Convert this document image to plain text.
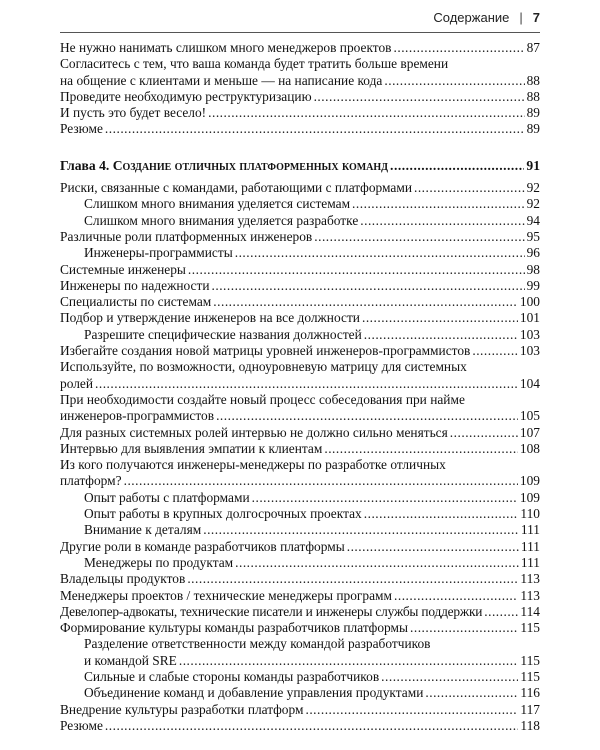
Содержание | 7
Не нужно нанимать слишком много менеджеров проектов .....	87
Согласитесь с тем, что ваша команда будет тратить больше времени
на общение с клиентами и меньше — на написание кода .....	88
Проведите необходимую реструктуризацию .....	88
И пусть это будет весело! .....	89
Резюме .....	89
Глава 4. Создание отличных платформенных команд .....	91
Риски, связанные с командами, работающими с платформами .....	92
Слишком много внимания уделяется системам .....	92
Слишком много внимания уделяется разработке .....	94
Различные роли платформенных инженеров .....	95
Инженеры-программисты .....	96
Системные инженеры .....	98
Инженеры по надежности .....	99
Специалисты по системам .....	100
Подбор и утверждение инженеров на все должности .....	101
Разрешите специфические названия должностей .....	103
Избегайте создания новой матрицы уровней инженеров-программистов .....	103
Используйте, по возможности, одноуровневую матрицу для системных
ролей .....	104
При необходимости создайте новый процесс собеседования при найме
инженеров-программистов .....	105
Для разных системных ролей интервью не должно сильно меняться .....	107
Интервью для выявления эмпатии к клиентам .....	108
Из кого получаются инженеры-менеджеры по разработке отличных
платформ? .....	109
Опыт работы с платформами .....	109
Опыт работы в крупных долгосрочных проектах .....	110
Внимание к деталям .....	111
Другие роли в команде разработчиков платформы .....	111
Менеджеры по продуктам .....	111
Владельцы продуктов .....	113
Менеджеры проектов / технические менеджеры программ .....	113
Девелопер-адвокаты, технические писатели и инженеры службы поддержки .....	114
Формирование культуры команды разработчиков платформы .....	115
Разделение ответственности между командой разработчиков
и командой SRE .....	115
Сильные и слабые стороны команды разработчиков .....	115
Объединение команд и добавление управления продуктами .....	116
Внедрение культуры разработки платформ .....	117
Резюме .....	118
